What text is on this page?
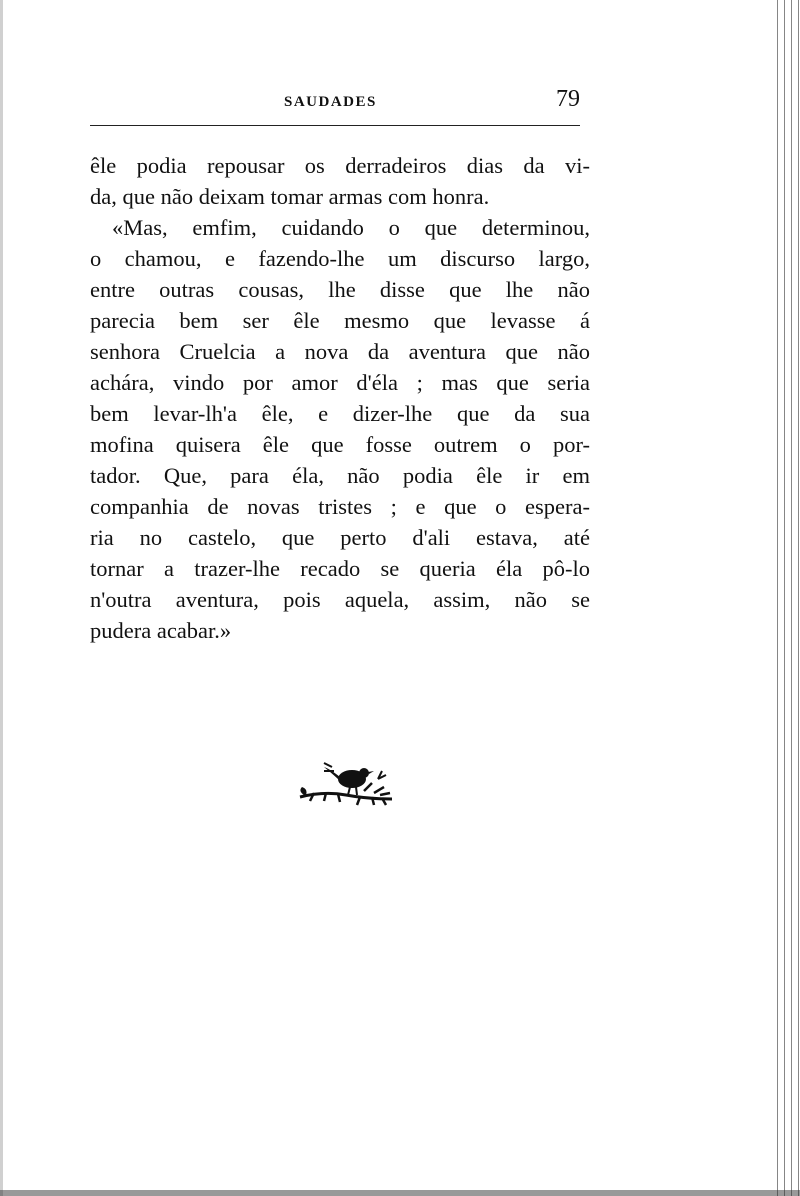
SAUDADES	79
êle podia repousar os derradeiros dias da vi-
da, que não deixam tomar armas com honra.
«Mas, emfim, cuidando o que determinou,
o chamou, e fazendo-lhe um discurso largo,
entre outras cousas, lhe disse que lhe não
parecia bem ser êle mesmo que levasse á
senhora Cruelcia a nova da aventura que não
achára, vindo por amor d'éla ; mas que seria
bem levar-lh'a êle, e dizer-lhe que da sua
mofina quisera êle que fosse outrem o por-
tador. Que, para éla, não podia êle ir em
companhia de novas tristes ; e que o espera-
ria no castelo, que perto d'ali estava, até
tornar a trazer-lhe recado se queria éla pô-lo
n'outra aventura, pois aquela, assim, não se
pudera acabar.»
